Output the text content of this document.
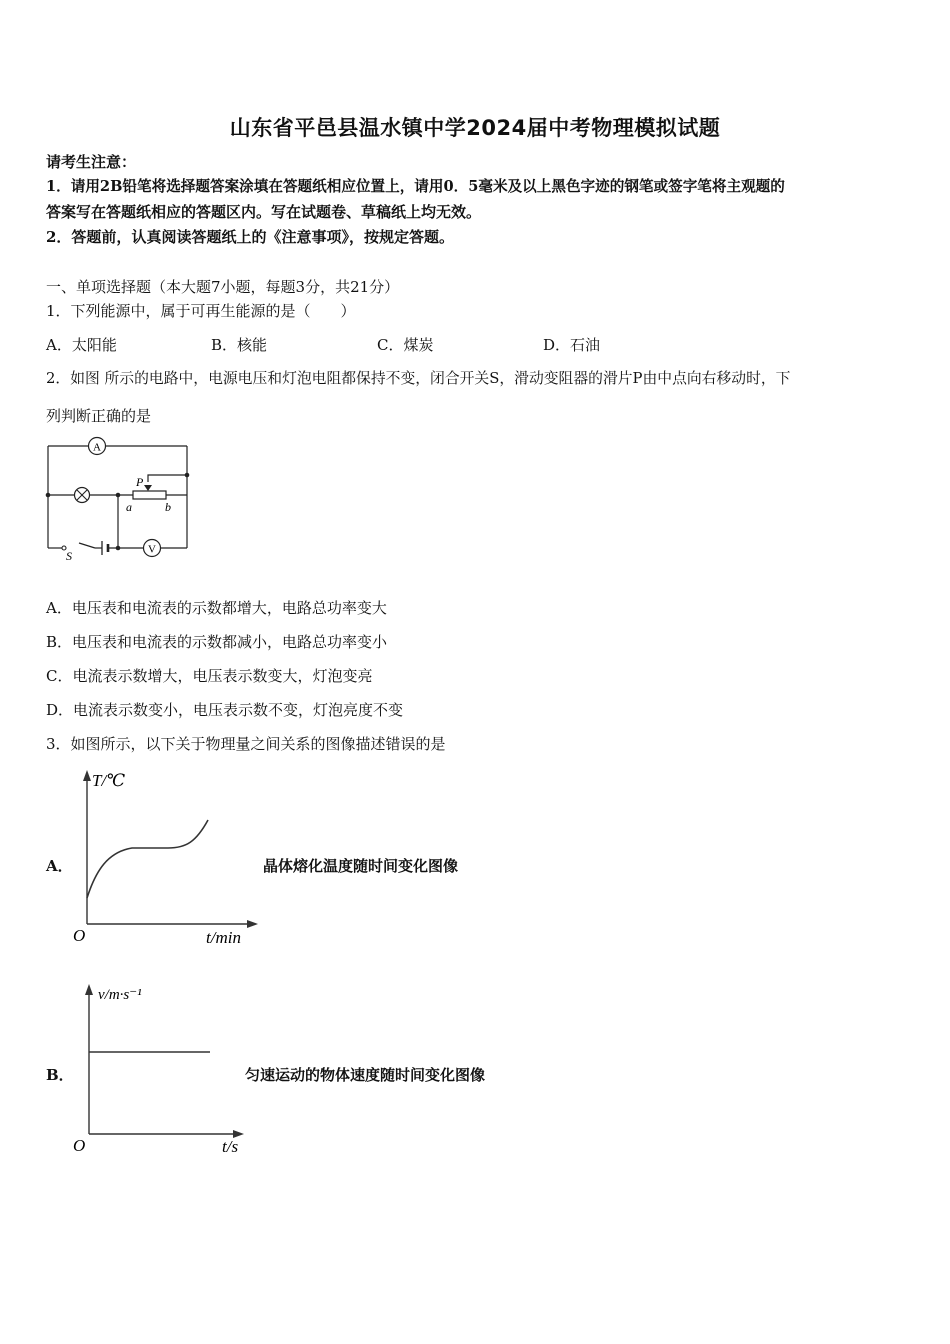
山东省平邑县温水镇中学2024届中考物理模拟试题
请考生注意：
1．请用2B铅笔将选择题答案涂填在答题纸相应位置上，请用0．5毫米及以上黑色字迹的钢笔或签字笔将主观题的
答案写在答题纸相应的答题区内。写在试题卷、草稿纸上均无效。
2．答题前，认真阅读答题纸上的《注意事项》，按规定答题。
一、单项选择题（本大题7小题，每题3分，共21分）
1．下列能源中，属于可再生能源的是（　　）
A．太阳能	B．核能	C．煤炭	D．石油
2．如图 所示的电路中，电源电压和灯泡电阻都保持不变，闭合开关S，滑动变阻器的滑片P由中点向右移动时，下
列判断正确的是
A
P
a	b
S	V
A．电压表和电流表的示数都增大，电路总功率变大
B．电压表和电流表的示数都减小，电路总功率变小
C．电流表示数增大，电压表示数变大，灯泡变亮
D．电流表示数变小，电压表示数不变，灯泡亮度不变
3．如图所示，以下关于物理量之间关系的图像描述错误的是
A．
T/℃
t/min
O
晶体熔化温度随时间变化图像
B．
v/m·s⁻¹
t/s
O
匀速运动的物体速度随时间变化图像
